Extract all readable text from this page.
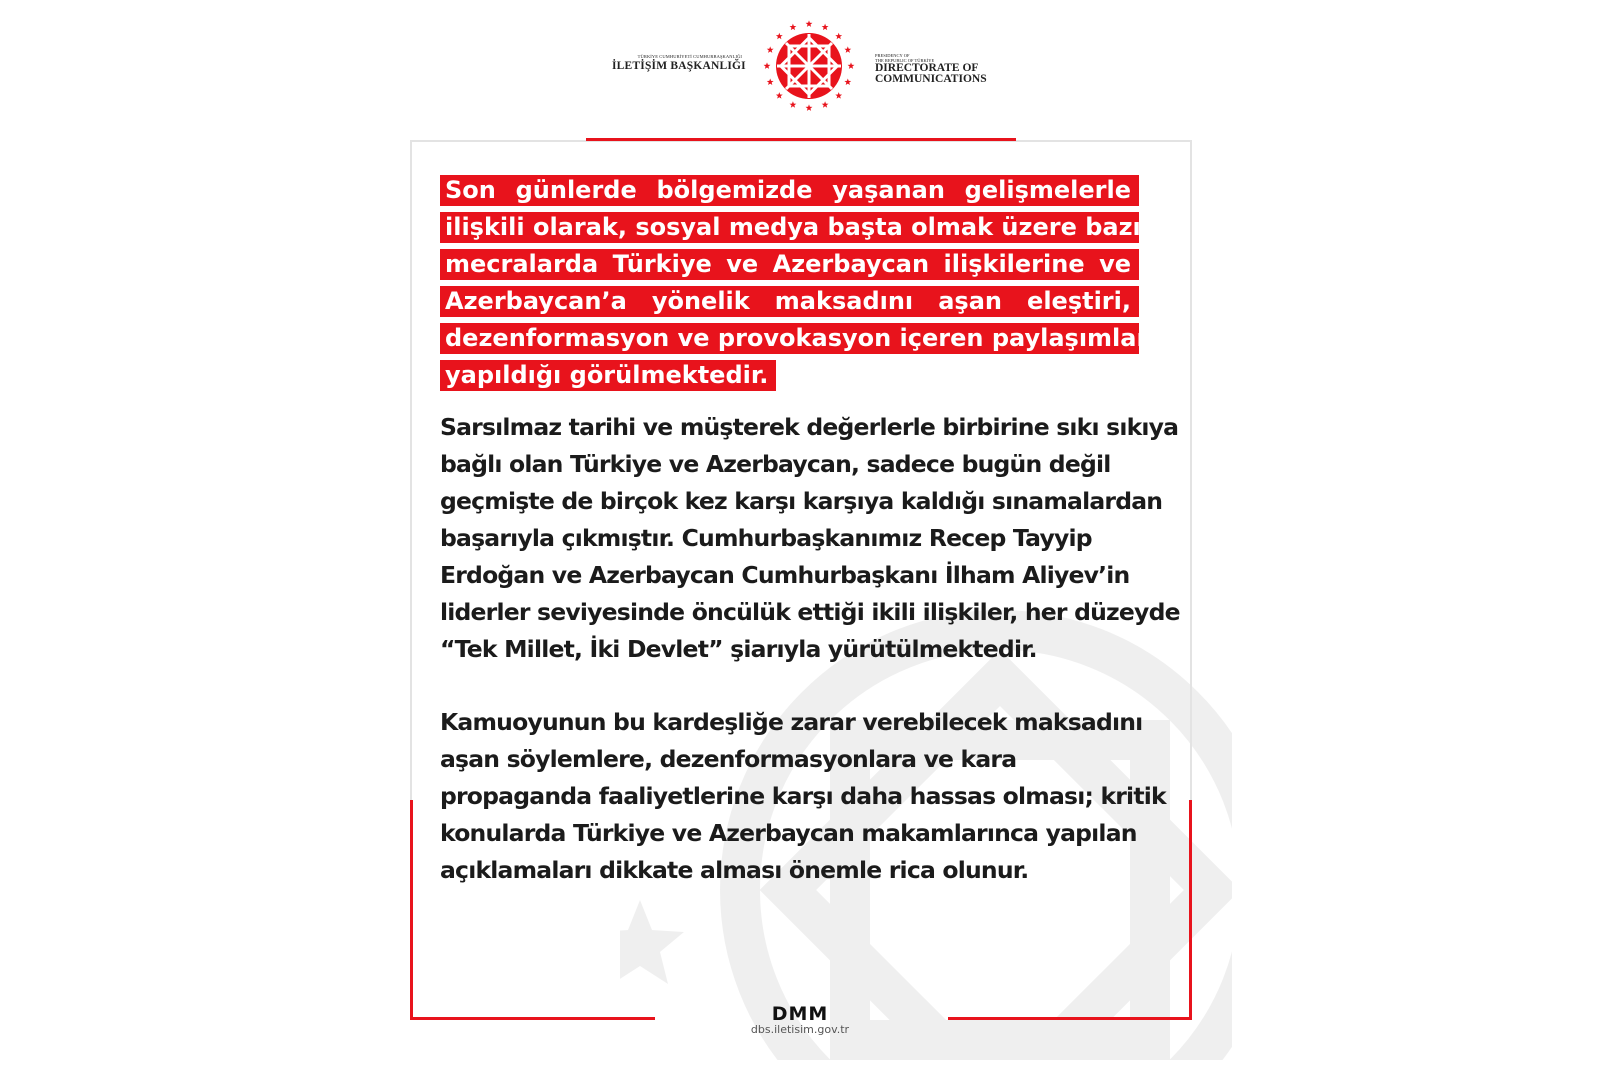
TÜRKİYE CUMHURİYETİ CUMHURBAŞKANLIĞI
İLETİŞİM BAŞKANLIĞI
PRESIDENCY OF
THE REPUBLIC OF TÜRKİYE
DIRECTORATE OF
COMMUNICATIONS
Son günlerde bölgemizde yaşanan gelişmelerle
ilişkili olarak, sosyal medya başta olmak üzere bazı
mecralarda Türkiye ve Azerbaycan ilişkilerine ve
Azerbaycan’a yönelik maksadını aşan eleştiri,
dezenformasyon ve provokasyon içeren paylaşımlar
yapıldığı görülmektedir.
Sarsılmaz tarihi ve müşterek değerlerle birbirine sıkı sıkıya
bağlı olan Türkiye ve Azerbaycan, sadece bugün değil
geçmişte de birçok kez karşı karşıya kaldığı sınamalardan
başarıyla çıkmıştır. Cumhurbaşkanımız Recep Tayyip
Erdoğan ve Azerbaycan Cumhurbaşkanı İlham Aliyev’in
liderler seviyesinde öncülük ettiği ikili ilişkiler, her düzeyde
“Tek Millet, İki Devlet” şiarıyla yürütülmektedir.
Kamuoyunun bu kardeşliğe zarar verebilecek maksadını
aşan söylemlere, dezenformasyonlara ve kara
propaganda faaliyetlerine karşı daha hassas olması; kritik
konularda Türkiye ve Azerbaycan makamlarınca yapılan
açıklamaları dikkate alması önemle rica olunur.
DMM
dbs.iletisim.gov.tr
